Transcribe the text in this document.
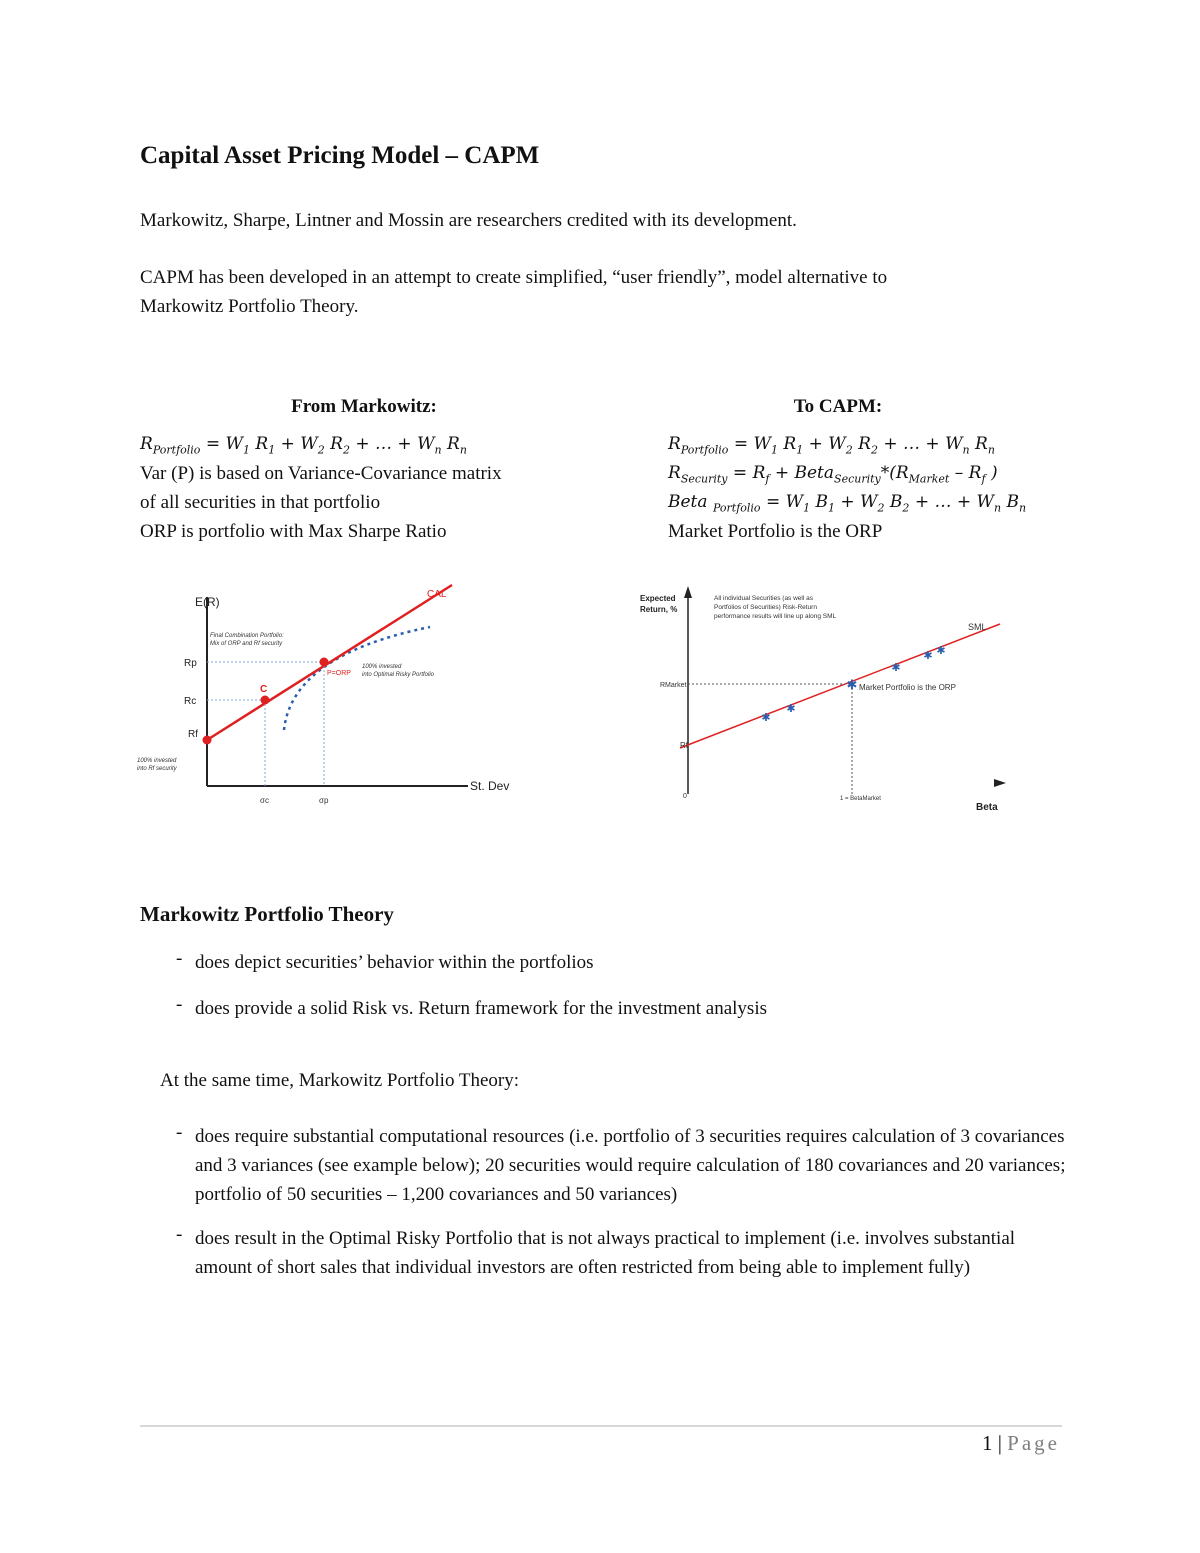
Capital Asset Pricing Model – CAPM
Markowitz, Sharpe, Lintner and Mossin are researchers credited with its development.
CAPM has been developed in an attempt to create simplified, “user friendly”, model alternative to
Markowitz Portfolio Theory.
From Markowitz:
$R_{Portfolio} = W_1$ $R_1 + W_2$ $R_2$ + … + $W_n$ $R_n$
Var (P) is based on Variance-Covariance matrix
of all securities in that portfolio
ORP is portfolio with Max Sharpe Ratio
To CAPM:
$R_{Portfolio} = W_1$ $R_1 + W_2$ $R_2$ + … + $W_n$ $R_n$
$R_{Security} = R_f$ + $Beta_{Security}*(R_{Market} - R_f$ )
Beta $_{Portfolio} = W_1$ $B_1 + W_2$ $B_2$ + … + $W_n$ $B_n$
Market Portfolio is the ORP
E(R)
St. Dev
CAL
Rp
Rc
Rf
C
P=ORP
Final Combination Portfolio:
Mix of ORP and Rf security
100% invested
into Optimal Risky Portfolio
100% invested
into Rf security
σc	σp
Expected
Return, %
Beta
✱
✱
✱
✱
✱ ✱
SML
RMarket
Rf
0	1 = BetaMarket
Market Portfolio is the ORP
All individual Securities (as well as
Portfolios of Securities) Risk-Return
performance results will line up along SML
Markowitz Portfolio Theory
- does depict securities’ behavior within the portfolios
- does provide a solid Risk vs. Return framework for the investment analysis
At the same time, Markowitz Portfolio Theory:
- does require substantial computational resources (i.e. portfolio of 3 securities requires calculation of 3 covariances and 3 variances (see example below); 20 securities would require calculation of 180 covariances and 20 variances; portfolio of 50 securities – 1,200 covariances and 50 variances)
- does result in the Optimal Risky Portfolio that is not always practical to implement (i.e. involves substantial amount of short sales that individual investors are often restricted from being able to implement fully)
1 | Page
